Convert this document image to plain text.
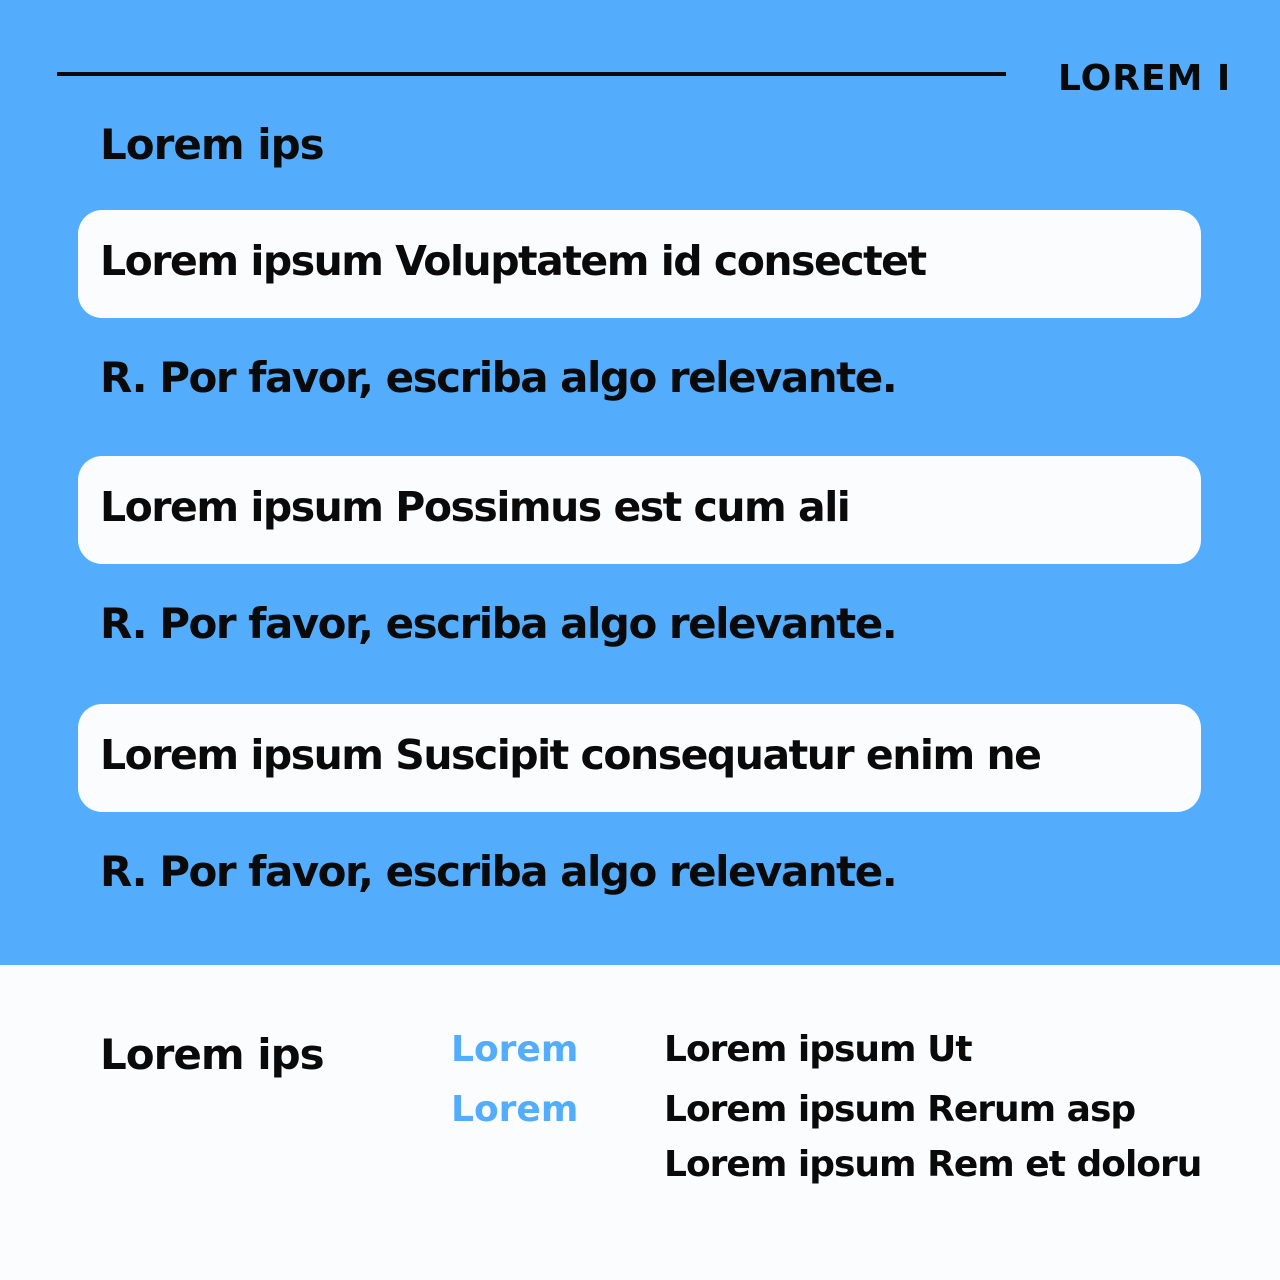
LOREM I
Lorem ips
Lorem ipsum Voluptatem id consectet
R. Por favor, escriba algo relevante.
Lorem ipsum Possimus est cum ali
R. Por favor, escriba algo relevante.
Lorem ipsum Suscipit consequatur enim ne
R. Por favor, escriba algo relevante.
Lorem ips	Lorem
Lorem
Lorem ipsum Ut
Lorem ipsum Rerum asp
Lorem ipsum Rem et doloru
